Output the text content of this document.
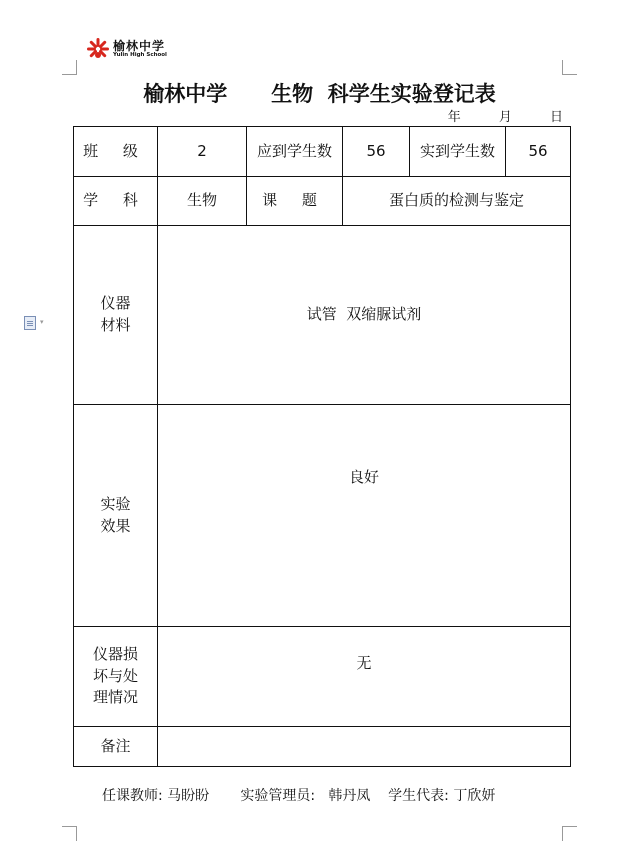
榆林中学
Yulin High School
榆林中学      生物  科学生实验登记表
年 月 日
▾
班 级	2	应到学生数	56	实到学生数	56
学 科	生物	课 题	蛋白质的检测与鉴定		

仪器
材料	试管  双缩脲试剂				

实验
效果	良好				

仪器损
坏与处
理情况	无				
备注					
任课教师: 马盼盼       实验管理员:   韩丹凤    学生代表: 丁欣妍
